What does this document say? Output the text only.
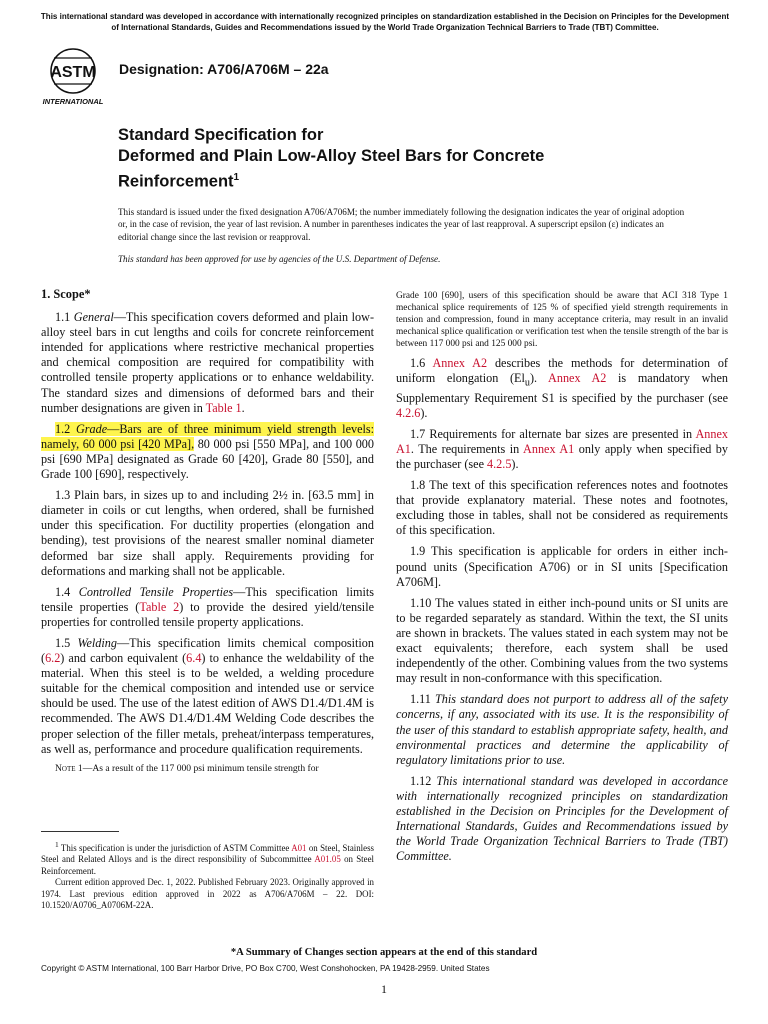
This international standard was developed in accordance with internationally recognized principles on standardization established in the Decision on Principles for the Development of International Standards, Guides and Recommendations issued by the World Trade Organization Technical Barriers to Trade (TBT) Committee.
ASTM
INTERNATIONAL
Designation: A706/A706M – 22a
Standard Specification for
Deformed and Plain Low-Alloy Steel Bars for Concrete
Reinforcement$^1$

This standard is issued under the fixed designation A706/A706M; the number immediately following the designation indicates the year of original adoption or, in the case of revision, the year of last revision. A number in parentheses indicates the year of last reapproval. A superscript epsilon (ε) indicates an editorial change since the last revision or reapproval.

This standard has been approved for use by agencies of the U.S. Department of Defense.

1. Scope*

1.1 General—This specification covers deformed and plain low-alloy steel bars in cut lengths and coils for concrete reinforcement intended for applications where restrictive mechanical properties and chemical composition are required for compatibility with controlled tensile property applications or to enhance weldability. The standard sizes and dimensions of deformed bars and their number designations are given in Table 1.

1.2 Grade—Bars are of three minimum yield strength levels: namely, 60 000 psi [420 MPa], 80 000 psi [550 MPa], and 100 000 psi [690 MPa] designated as Grade 60 [420], Grade 80 [550], and Grade 100 [690], respectively.

1.3 Plain bars, in sizes up to and including 2½ in. [63.5 mm] in diameter in coils or cut lengths, when ordered, shall be furnished under this specification. For ductility properties (elongation and bending), test provisions of the nearest smaller nominal diameter deformed bar size shall apply. Requirements providing for deformations and marking shall not be applicable.

1.4 Controlled Tensile Properties—This specification limits tensile properties (Table 2) to provide the desired yield/tensile properties for controlled tensile property applications.

1.5 Welding—This specification limits chemical composition (6.2) and carbon equivalent (6.4) to enhance the weldability of the material. When this steel is to be welded, a welding procedure suitable for the chemical composition and intended use or service should be used. The use of the latest edition of AWS D1.4/D1.4M is recommended. The AWS D1.4/D1.4M Welding Code describes the proper selection of the filler metals, preheat/interpass temperatures, as well as, performance and procedure qualification requirements.

Note 1—As a result of the 117 000 psi minimum tensile strength for

$^1$ This specification is under the jurisdiction of ASTM Committee A01 on Steel, Stainless Steel and Related Alloys and is the direct responsibility of Subcommittee A01.05 on Steel Reinforcement.

Current edition approved Dec. 1, 2022. Published February 2023. Originally approved in 1974. Last previous edition approved in 2022 as A706/A706M – 22. DOI: 10.1520/A0706_A0706M-22A.

Grade 100 [690], users of this specification should be aware that ACI 318 Type 1 mechanical splice requirements of 125 % of specified yield strength requirements in tension and compression, found in many acceptance criteria, may result in an invalid mechanical splice qualification or verification test when the tensile strength of the bar is between 117 000 psi and 125 000 psi.

1.6 Annex A2 describes the methods for determination of uniform elongation $(El_u)$. Annex A2 is mandatory when Supplementary Requirement S1 is specified by the purchaser (see 4.2.6).

1.7 Requirements for alternate bar sizes are presented in Annex A1. The requirements in Annex A1 only apply when specified by the purchaser (see 4.2.5).

1.8 The text of this specification references notes and footnotes that provide explanatory material. These notes and footnotes, excluding those in tables, shall not be considered as requirements of this specification.

1.9 This specification is applicable for orders in either inch-pound units (Specification A706) or in SI units [Specification A706M].

1.10 The values stated in either inch-pound units or SI units are to be regarded separately as standard. Within the text, the SI units are shown in brackets. The values stated in each system may not be exact equivalents; therefore, each system shall be used independently of the other. Combining values from the two systems may result in non-conformance with this specification.

1.11 This standard does not purport to address all of the safety concerns, if any, associated with its use. It is the responsibility of the user of this standard to establish appropriate safety, health, and environmental practices and determine the applicability of regulatory limitations prior to use.

1.12 This international standard was developed in accordance with internationally recognized principles on standardization established in the Decision on Principles for the Development of International Standards, Guides and Recommendations issued by the World Trade Organization Technical Barriers to Trade (TBT) Committee.

*A Summary of Changes section appears at the end of this standard
Copyright © ASTM International, 100 Barr Harbor Drive, PO Box C700, West Conshohocken, PA 19428-2959. United States
1
